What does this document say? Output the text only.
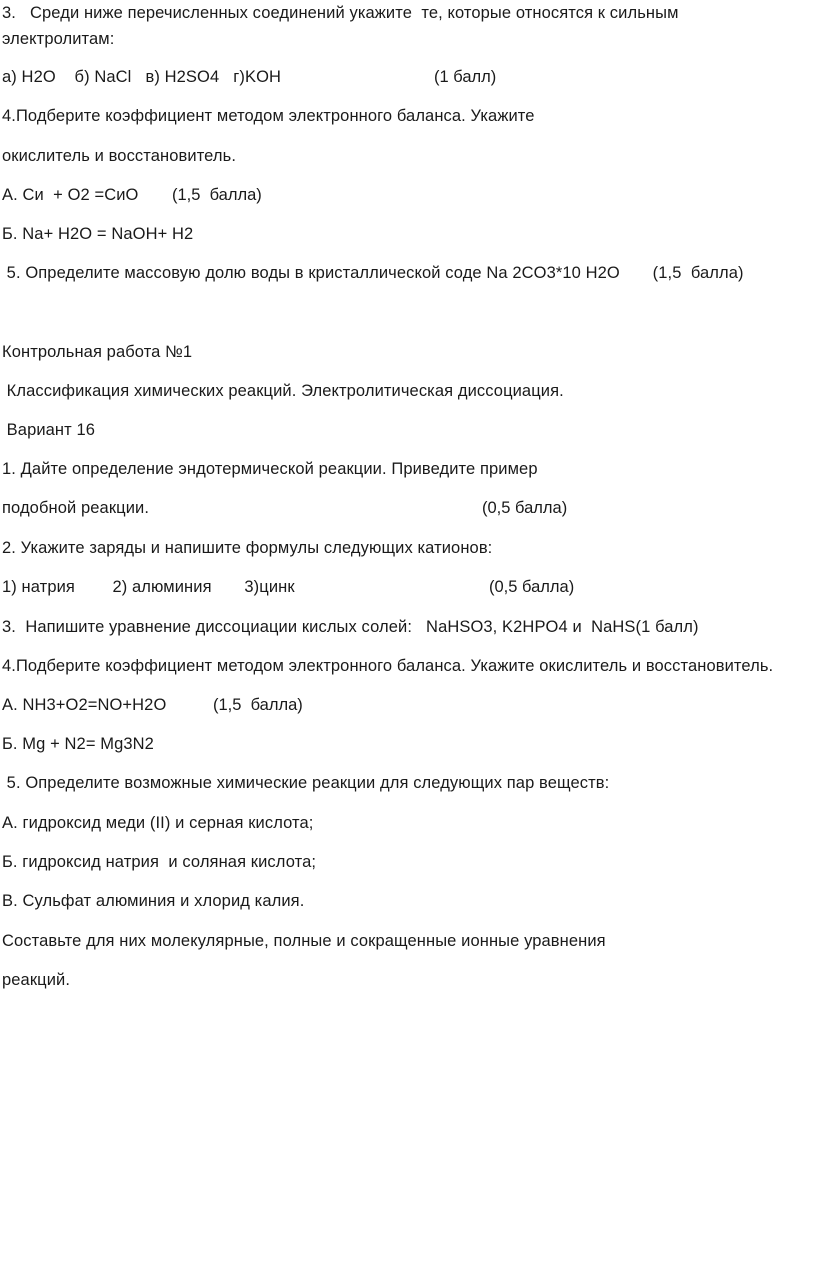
3.   Среди ниже перечисленных соединений укажите  те, которые относятся к сильным
электролитам:
а) Н2О    б) NaCl   в) H2SO4   г)KOH	(1 балл)
4.Подберите коэффициент методом электронного баланса. Укажите
окислитель и восстановитель.
А. Си  + О2 =СиО (1,5  балла)
Б. Na+ H2O = NaOH+ H2
5. Определите массовую долю воды в кристаллической соде Na 2CO3*10 H2O       (1,5  балла)
Контрольная работа №1
Классификация химических реакций. Электролитическая диссоциация.
Вариант 16
1. Дайте определение эндотермической реакции. Приведите пример
подобной реакции.	(0,5 балла)
2. Укажите заряды и напишите формулы следующих катионов:
1) натрия        2) алюминия       3)цинк	(0,5 балла)
3.  Напишите уравнение диссоциации кислых солей:   NaHSO3, K2HPO4 и  NaHS(1 балл)
4.Подберите коэффициент методом электронного баланса. Укажите окислитель и восстановитель.
А. NH3+O2=NO+H2O	(1,5  балла)
Б. Mg + N2= Mg3N2
5. Определите возможные химические реакции для следующих пар веществ:
А. гидроксид меди (II) и серная кислота;
Б. гидроксид натрия  и соляная кислота;
В. Сульфат алюминия и хлорид калия.
Составьте для них молекулярные, полные и сокращенные ионные уравнения
реакций.
